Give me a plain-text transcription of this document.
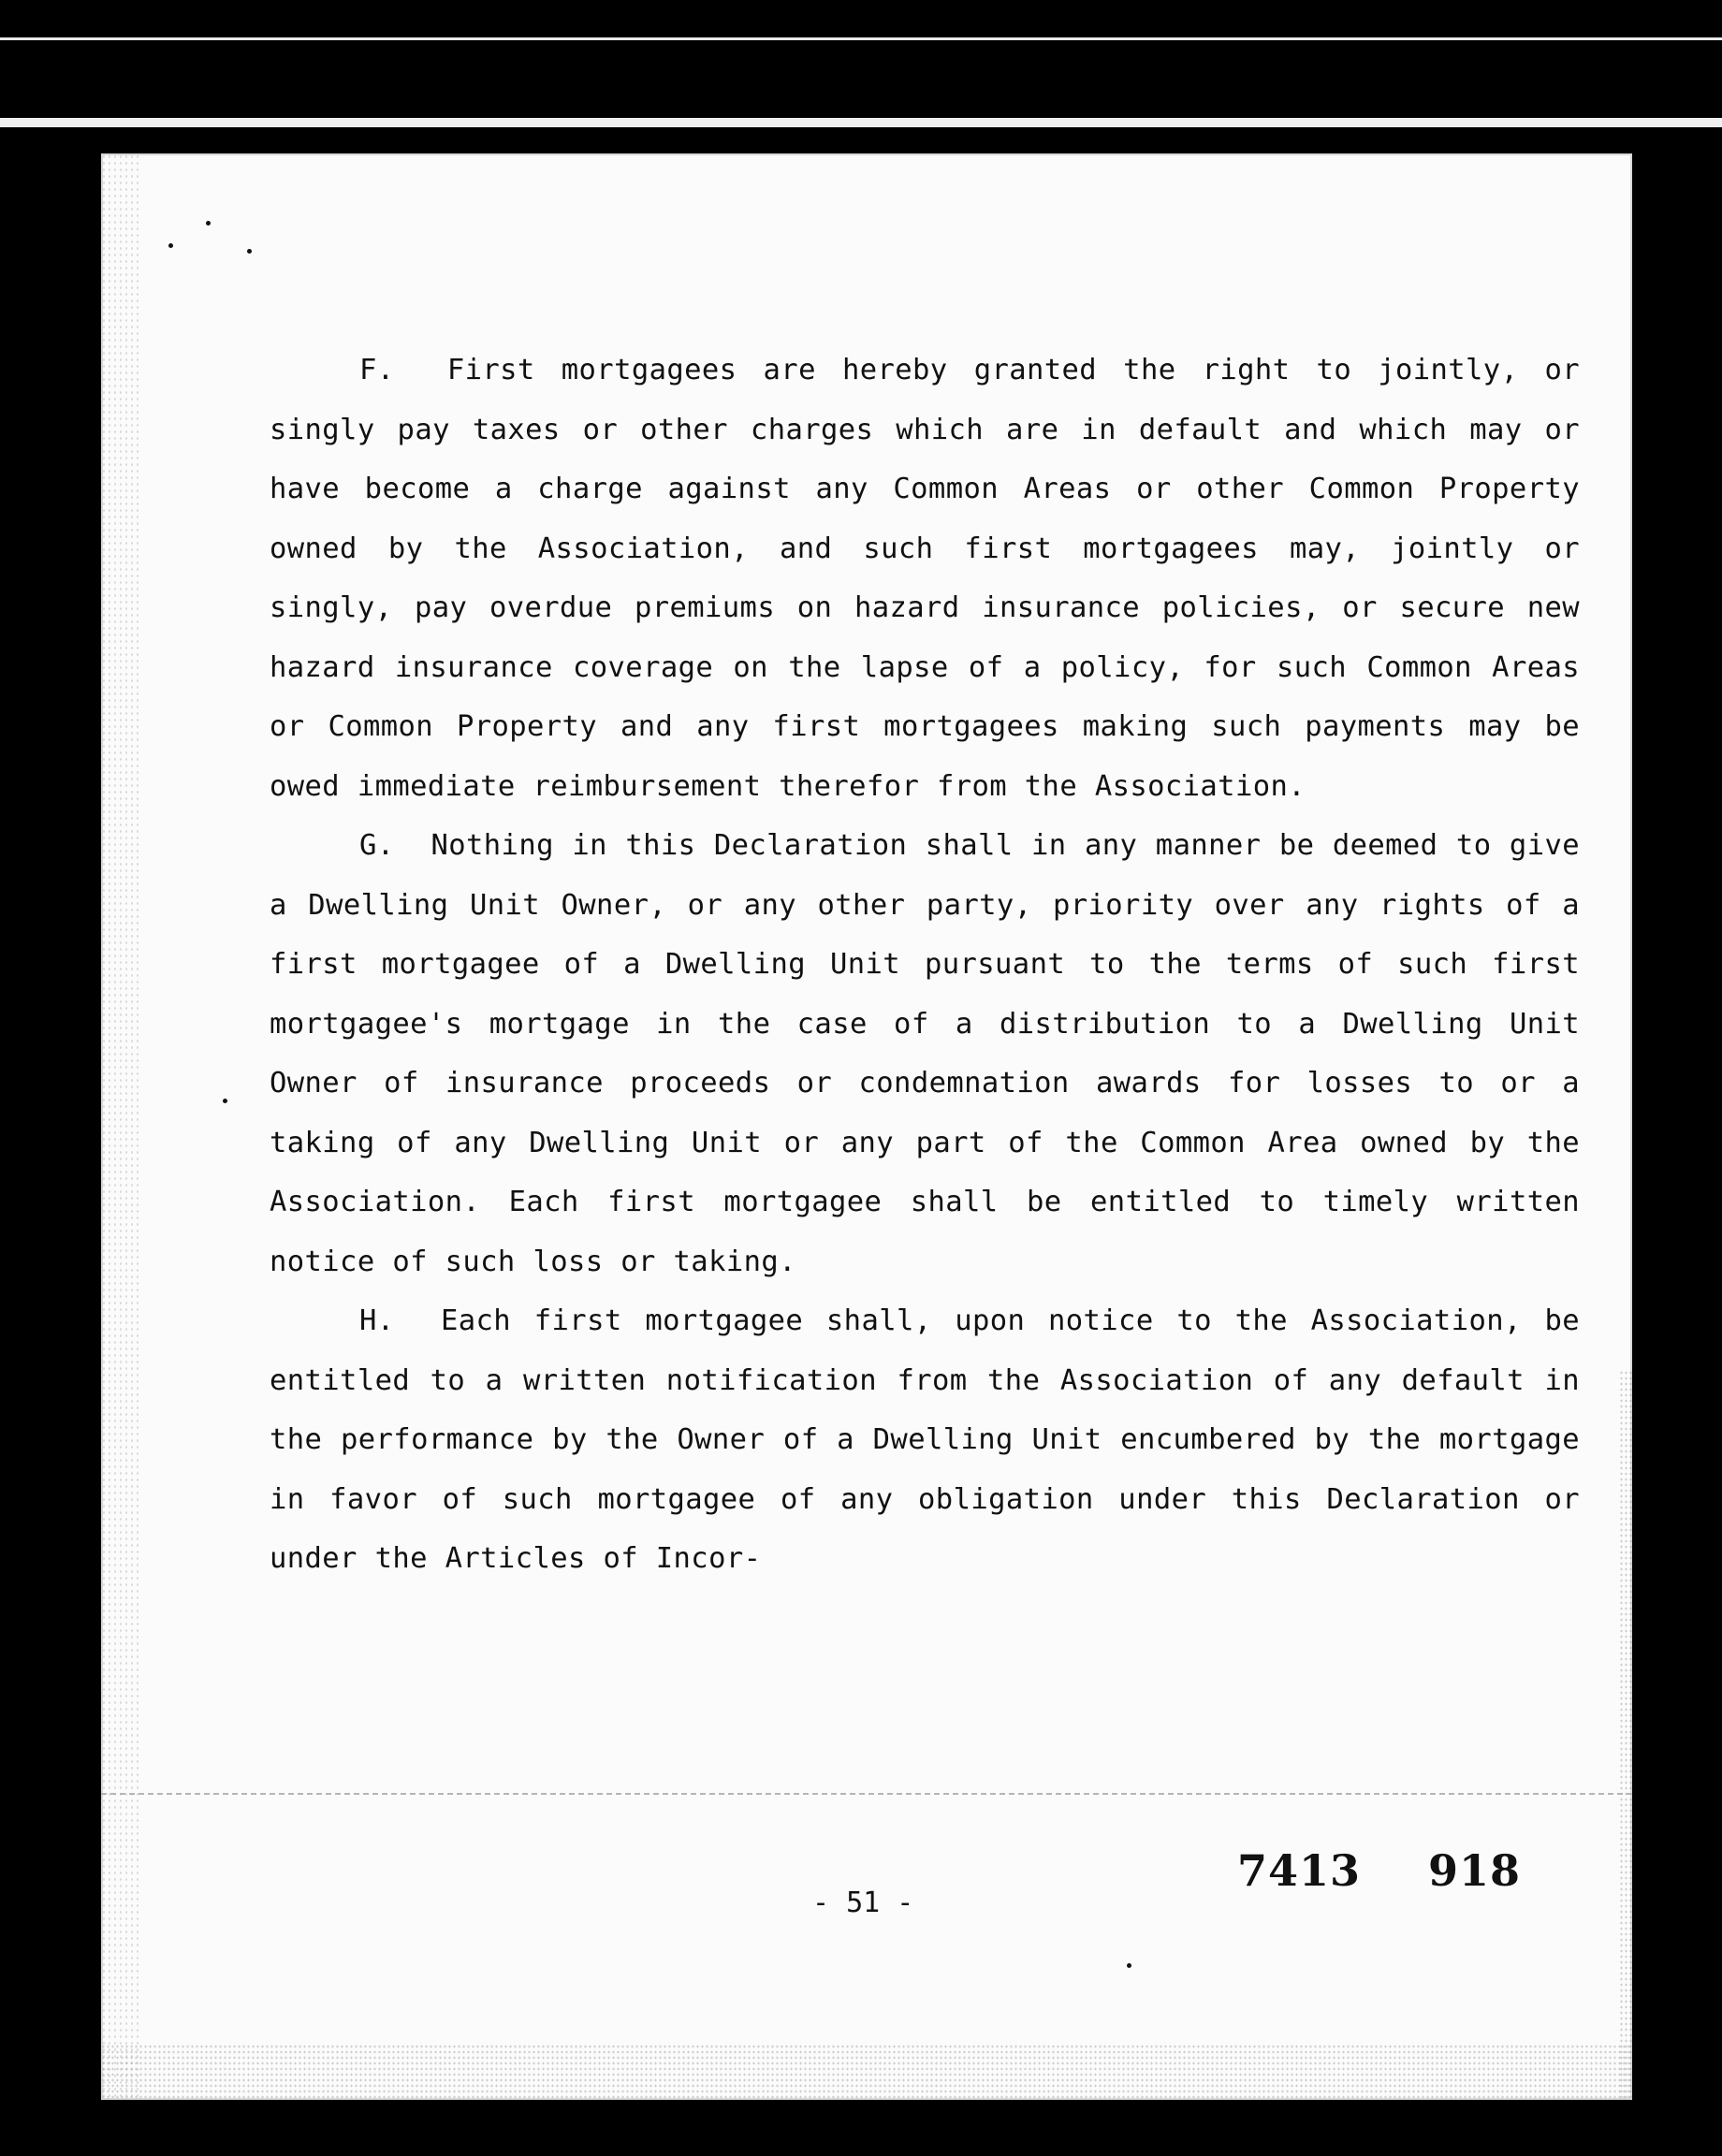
F. First mortgagees are hereby granted the right to jointly, or singly pay taxes or other charges which are in default and which may or have become a charge against any Common Areas or other Common Property owned by the Association, and such first mortgagees may, jointly or singly, pay overdue premiums on hazard insurance policies, or secure new hazard insurance coverage on the lapse of a policy, for such Common Areas or Common Property and any first mortgagees making such payments may be owed immediate reimbursement therefor from the Association.

G. Nothing in this Declaration shall in any manner be deemed to give a Dwelling Unit Owner, or any other party, priority over any rights of a first mortgagee of a Dwelling Unit pursuant to the terms of such first mortgagee's mortgage in the case of a distribution to a Dwelling Unit Owner of insurance proceeds or condemnation awards for losses to or a taking of any Dwelling Unit or any part of the Common Area owned by the Association. Each first mortgagee shall be entitled to timely written notice of such loss or taking.

H. Each first mortgagee shall, upon notice to the Association, be entitled to a written notification from the Association of any default in the performance by the Owner of a Dwelling Unit encumbered by the mortgage in favor of such mortgagee of any obligation under this Declaration or under the Articles of Incor-

- 51 -
7413 918
